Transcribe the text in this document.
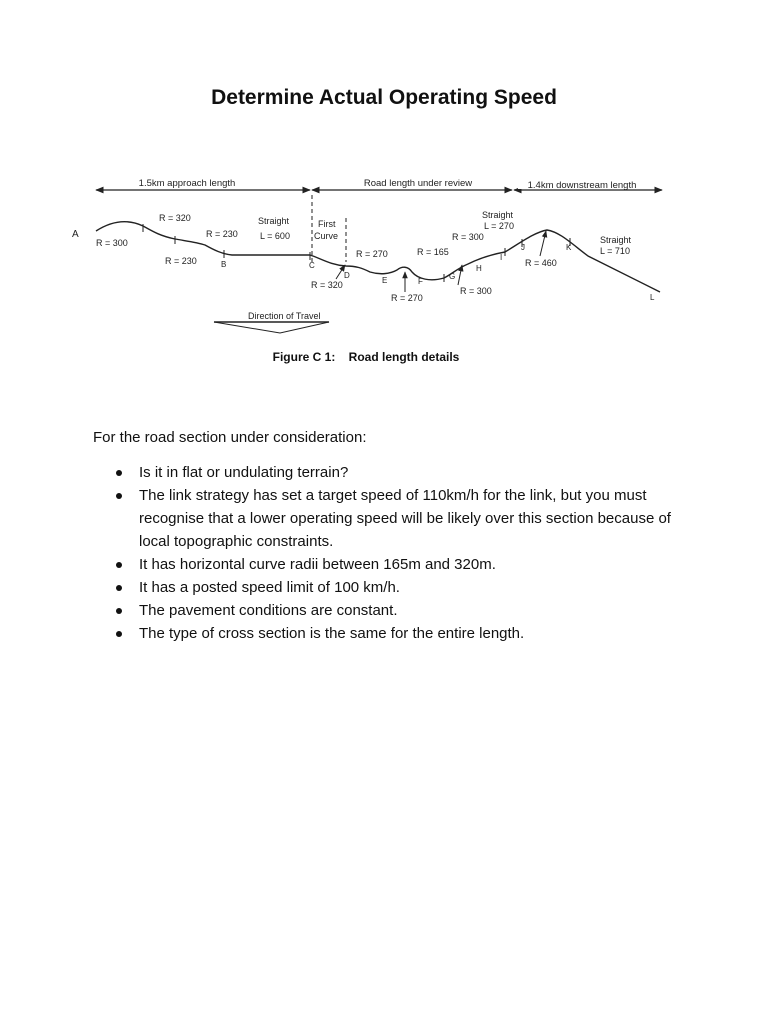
Determine Actual Operating Speed
1.5km approach length	Road length under review	1.4km downstream length
A
B	C
D
E	F
G
H
I
J	K
L
R = 300
R = 320
R = 230
R = 230
Straight
L = 600
First
Curve
R = 320
R = 270
R = 270
R = 165
R = 300
Straight
L = 270
R = 300
R = 460
Straight
L = 710
Direction of Travel
Figure C 1: Road length details
For the road section under consideration:
Is it in flat or undulating terrain?
The link strategy has set a target speed of 110km/h for the link, but you must recognise that a lower operating speed will be likely over this section because of local topographic constraints.
It has horizontal curve radii between 165m and 320m.
It has a posted speed limit of 100 km/h.
The pavement conditions are constant.
The type of cross section is the same for the entire length.
